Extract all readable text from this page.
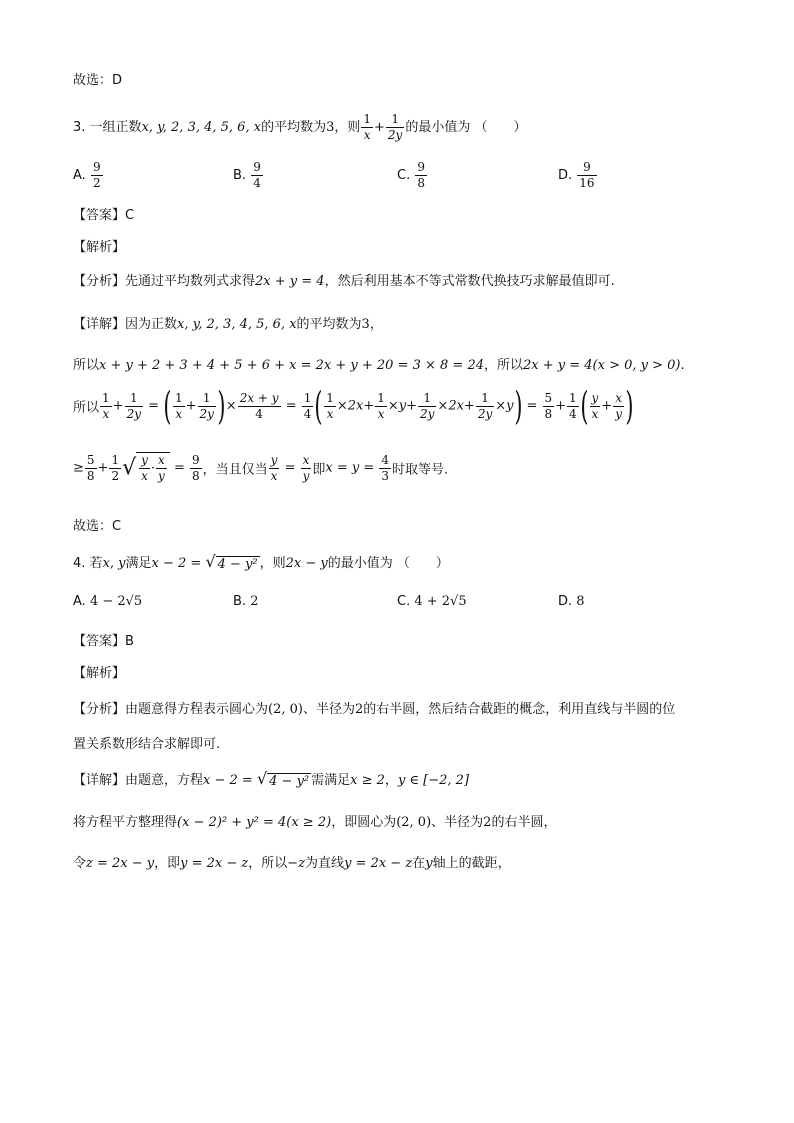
故选：D
3. 一组正数x, y, 2, 3, 4, 5, 6, x的平均数为3，则 $\frac{1}{x} + \frac{1}{2y}$ 的最小值为 （　　）
A. $\frac{9}{2}$	B. $\frac{9}{4}$	C. $\frac{9}{8}$	D. $\frac{9}{16}$
【答案】C
【解析】
【分析】先通过平均数列式求得2x + y = 4，然后利用基本不等式常数代换技巧求解最值即可.
【详解】因为正数x, y, 2, 3, 4, 5, 6, x的平均数为3，
所以x + y + 2 + 3 + 4 + 5 + 6 + x = 2x + y + 20 = 3 × 8 = 24，所以2x + y = 4(x > 0, y > 0).
所以 $\frac{1}{x} + \frac{1}{2y}$ = ( $\frac{1}{x} + \frac{1}{2y}$ )× $\frac{2x + y}{4} = \frac{1}{4}$ ( $\frac{1}{x} \times 2x+ \frac{1}{x} \times y+ \frac{1}{2y} \times 2x+ \frac{1}{2y} \times y) = \frac{5}{8} + \frac{1}{4}$ ( $\frac{y}{x} + \frac{x}{y}$ )
≥ $\frac{5}{8} + \frac{1}{2}$ √ $\frac{y}{x} \cdot \frac{x}{y} = \frac{9}{8}$ ，当且仅当 $\frac{y}{x} = \frac{x}{y}$ 即$x = y = \frac{4}{3}$ 时取等号.
故选：C
4. 若x, y满足x − 2 = √ 4 − y² ，则2x − y的最小值为 （　　）
A. 4 − 2√5	B. 2	C. 4 + 2√5	D. 8
【答案】B
【解析】
【分析】由题意得方程表示圆心为(2, 0)、半径为2的右半圆，然后结合截距的概念，利用直线与半圆的位
置关系数形结合求解即可.
【详解】由题意，方程x − 2 = √ 4 − y² 需满足x ≥ 2，y ∈ [−2, 2]
将方程平方整理得(x − 2)² + y² = 4(x ≥ 2)，即圆心为(2, 0)、半径为2的右半圆，
令z = 2x − y，即y = 2x − z，所以−z为直线y = 2x − z在y轴上的截距，
